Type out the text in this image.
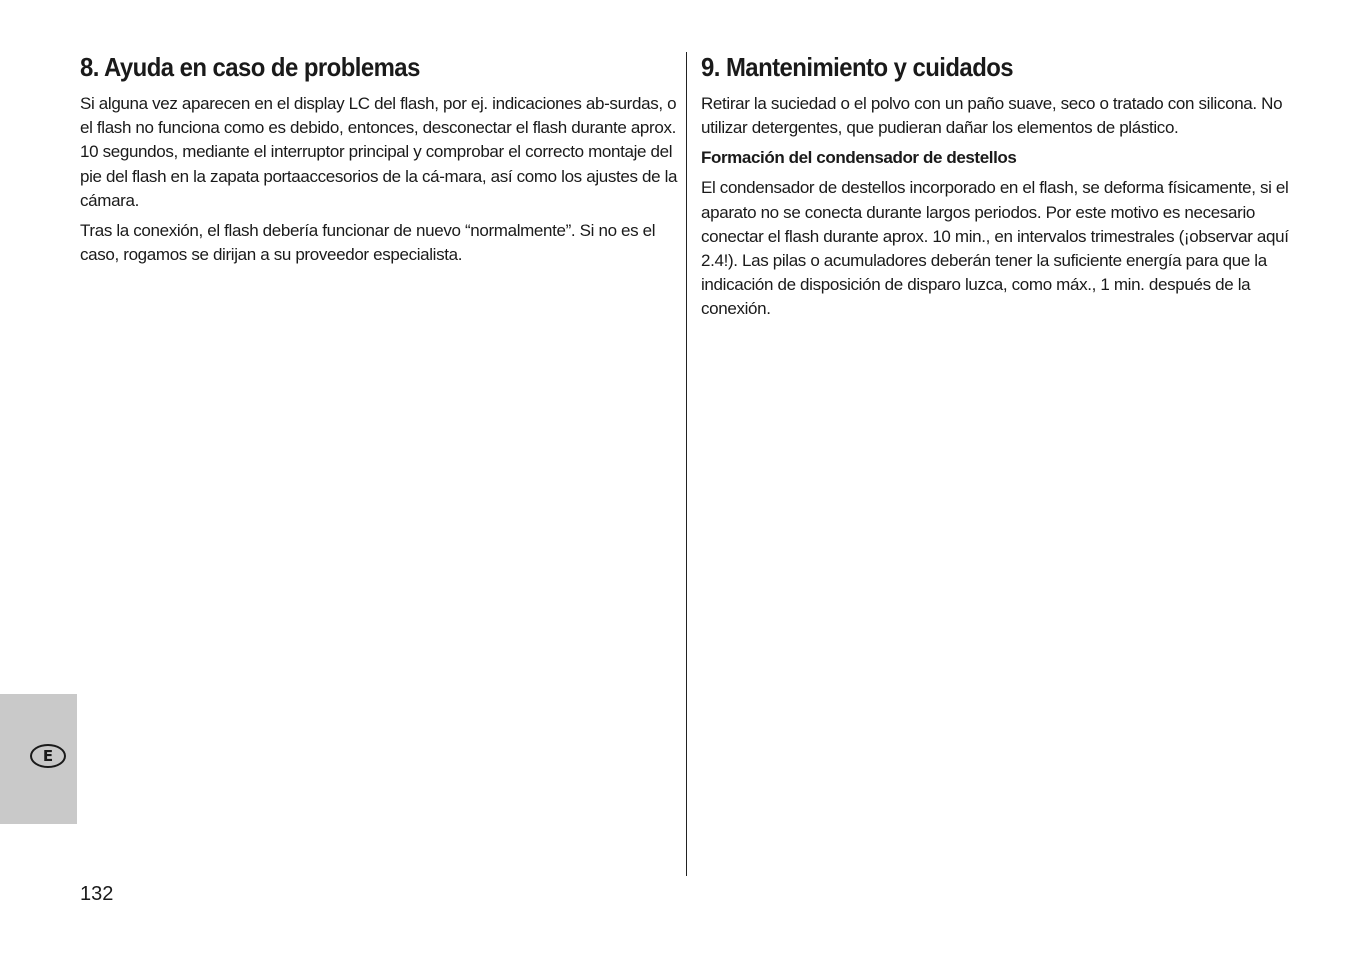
8. Ayuda en caso de problemas

Si alguna vez aparecen en el display LC del flash, por ej. indicaciones ab-surdas, o el flash no funciona como es debido, entonces, desconectar el flash durante aprox. 10 segundos, mediante el interruptor principal y comprobar el correcto montaje del pie del flash en la zapata portaaccesorios de la cá-mara, así como los ajustes de la cámara.

Tras la conexión, el flash debería funcionar de nuevo “normalmente”. Si no es el caso, rogamos se dirijan a su proveedor especialista.

9. Mantenimiento y cuidados

Retirar la suciedad o el polvo con un paño suave, seco o tratado con silicona. No utilizar detergentes, que pudieran dañar los elementos de plástico.

Formación del condensador de destellos

El condensador de destellos incorporado en el flash, se deforma físicamente, si el aparato no se conecta durante largos periodos. Por este motivo es necesario conectar el flash durante aprox. 10 min., en intervalos trimestrales (¡observar aquí 2.4!). Las pilas o acumuladores deberán tener la suficiente energía para que la indicación de disposición de disparo luzca, como máx., 1 min. después de la conexión.

E
132
